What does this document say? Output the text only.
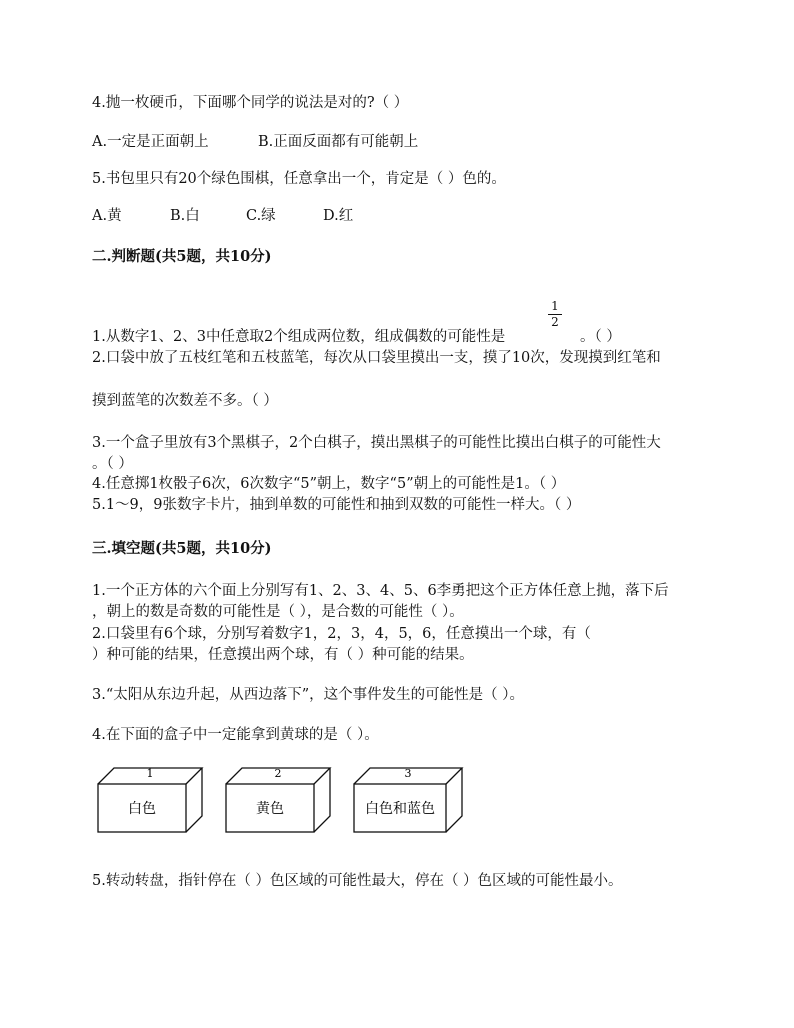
4.抛一枚硬币，下面哪个同学的说法是对的?（ ）
A.一定是正面朝上	B.正面反面都有可能朝上
5.书包里只有20个绿色围棋，任意拿出一个，肯定是（ ）色的。
A.黄	B.白	C.绿	D.红
二.判断题(共5题，共10分)
1.从数字1、2、3中任意取2个组成两位数，组成偶数的可能性是
1
2
。（ ）
2.口袋中放了五枝红笔和五枝蓝笔，每次从口袋里摸出一支，摸了10次，发现摸到红笔和
摸到蓝笔的次数差不多。（ ）
3.一个盒子里放有3个黑棋子，2个白棋子，摸出黑棋子的可能性比摸出白棋子的可能性大
。（ ）
4.任意掷1枚骰子6次，6次数字“5”朝上，数字“5”朝上的可能性是1。（ ）
5.1～9，9张数字卡片，抽到单数的可能性和抽到双数的可能性一样大。（ ）
三.填空题(共5题，共10分)
1.一个正方体的六个面上分别写有1、2、3、4、5、6李勇把这个正方体任意上抛，落下后
，朝上的数是奇数的可能性是（ ），是合数的可能性（ ）。
2.口袋里有6个球，分别写着数字1，2，3，4，5，6，任意摸出一个球，有（
）种可能的结果，任意摸出两个球，有（ ）种可能的结果。
3.“太阳从东边升起，从西边落下”，这个事件发生的可能性是（ ）。
4.在下面的盒子中一定能拿到黄球的是（ ）。
1
白色
2
黄色
3
白色和蓝色
5.转动转盘，指针停在（ ）色区域的可能性最大，停在（ ）色区域的可能性最小。
